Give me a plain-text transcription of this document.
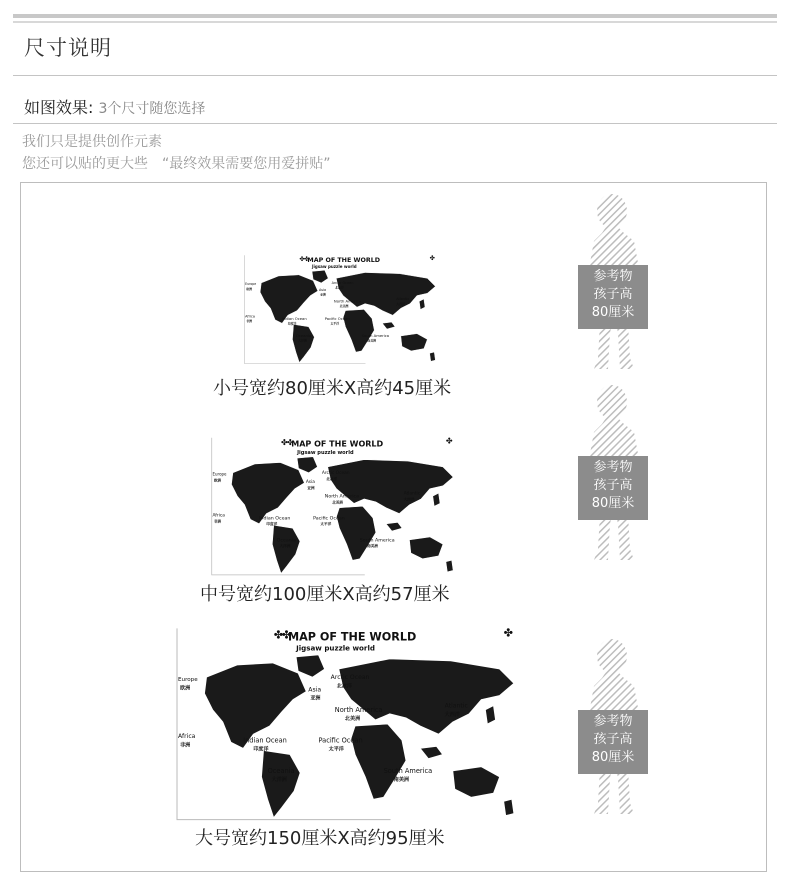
尺寸说明
如图效果: 3个尺寸随您选择
我们只是提供创作元素
您还可以贴的更大些　“最终效果需要您用爱拼贴”
✤ ✤	✤
MAP OF THE WORLD
Jigsaw puzzle world
Europe
欧洲
Arctic Ocean
北冰洋
Asia
亚洲
North America
北美洲
Atlantic
大西洋
Africa
非洲
Indian Ocean
印度洋
Pacific Ocean
太平洋
Oceania
大洋洲
South America
南美洲
小号宽约80厘米X高约45厘米
✤ ✤	✤
MAP OF THE WORLD
Jigsaw puzzle world
Europe
欧洲
Arctic Ocean
北冰洋
Asia
亚洲
North America
北美洲
Atlantic
大西洋
Africa
非洲	Indian Ocean
印度洋
Pacific Ocean
太平洋
Oceania
大洋洲
South America
南美洲
中号宽约100厘米X高约57厘米
✤
✤	✤
MAP OF THE WORLD
Jigsaw puzzle world
Europe
欧洲
Arctic Ocean
北冰洋
Asia
亚洲
North America
北美洲
Atlantic
大西洋
Africa
非洲
Indian Ocean
印度洋
Pacific Ocean
太平洋
Oceania
大洋洲
South America
南美洲
大号宽约150厘米X高约95厘米
参考物
孩子高
80厘米
参考物
孩子高
80厘米
参考物
孩子高
80厘米
